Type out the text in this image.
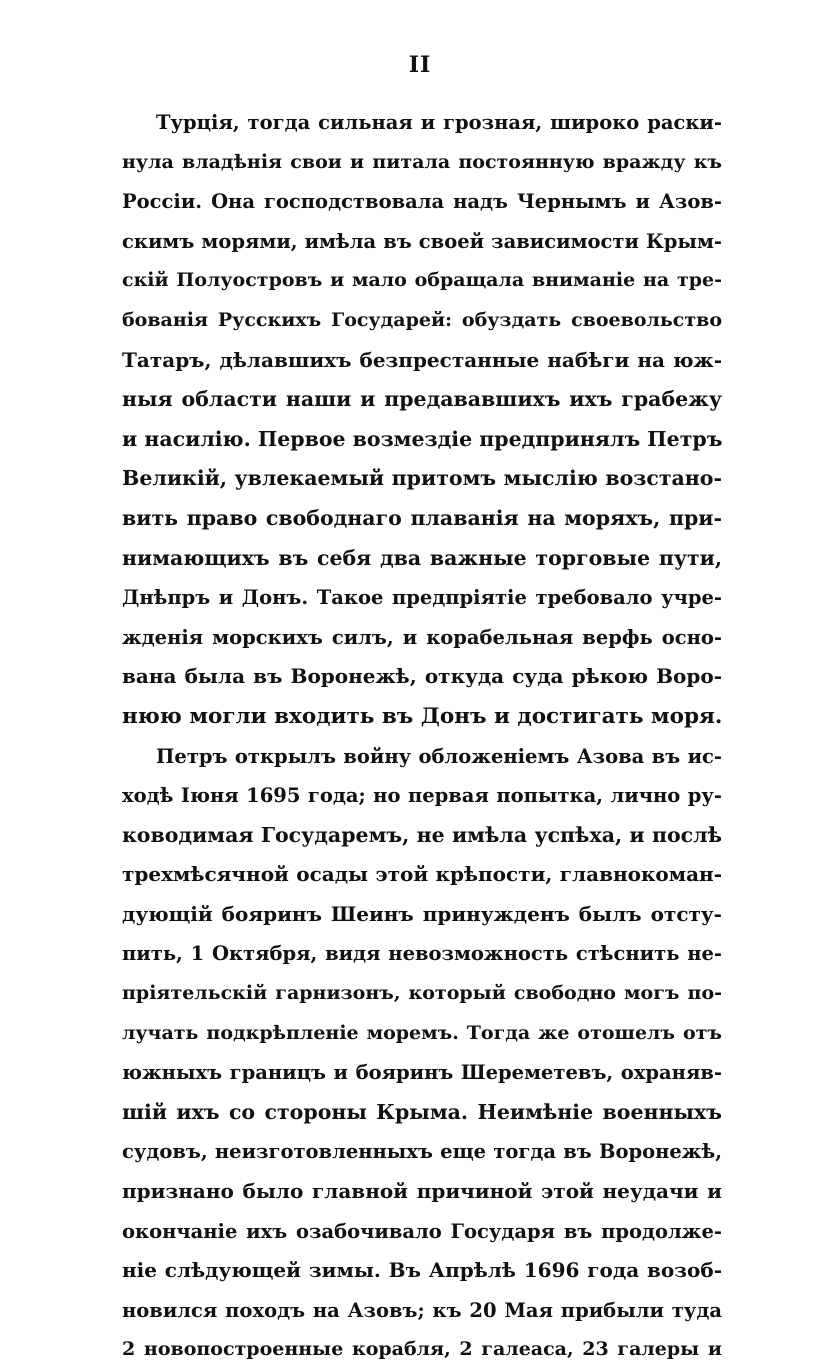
II
Турція, тогда сильная и грозная, широко раски-
нула владѣнія свои и питала постоянную вражду къ
Россіи. Она господствовала надъ Чернымъ и Азов-
скимъ морями, имѣла въ своей зависимости Крым-
скій Полуостровъ и мало обращала вниманіе на тре-
бованія Русскихъ Государей: обуздать своевольство
Татаръ, дѣлавшихъ безпрестанные набѣги на юж-
ныя области наши и предававшихъ ихъ грабежу
и насилію. Первое возмездіе предпринялъ Петръ
Великій, увлекаемый притомъ мыслію возстано-
вить право свободнаго плаванія на моряхъ, при-
нимающихъ въ себя два важные торговые пути,
Днѣпръ и Донъ. Такое предпріятіе требовало учре-
жденія морскихъ силъ, и корабельная верфь осно-
вана была въ Воронежѣ, откуда суда рѣкою Воро-
нюю могли входить въ Донъ и достигать моря.
Петръ открылъ войну обложеніемъ Азова въ ис-
ходѣ Іюня 1695 года; но первая попытка, лично ру-
ководимая Государемъ, не имѣла успѣха, и послѣ
трехмѣсячной осады этой крѣпости, главнокоман-
дующій бояринъ Шеинъ принужденъ былъ отсту-
пить, 1 Октября, видя невозможность стѣснить не-
пріятельскій гарнизонъ, который свободно могъ по-
лучать подкрѣпленіе моремъ. Тогда же отошелъ отъ
южныхъ границъ и бояринъ Шереметевъ, охраняв-
шій ихъ со стороны Крыма. Неимѣніе военныхъ
судовъ, неизготовленныхъ еще тогда въ Воронежѣ,
признано было главной причиной этой неудачи и
окончаніе ихъ озабочивало Государя въ продолже-
ніе слѣдующей зимы. Въ Апрѣлѣ 1696 года возоб-
новился походъ на Азовъ; къ 20 Мая прибыли туда
2 новопостроенные корабля, 2 галеаса, 23 галеры и
